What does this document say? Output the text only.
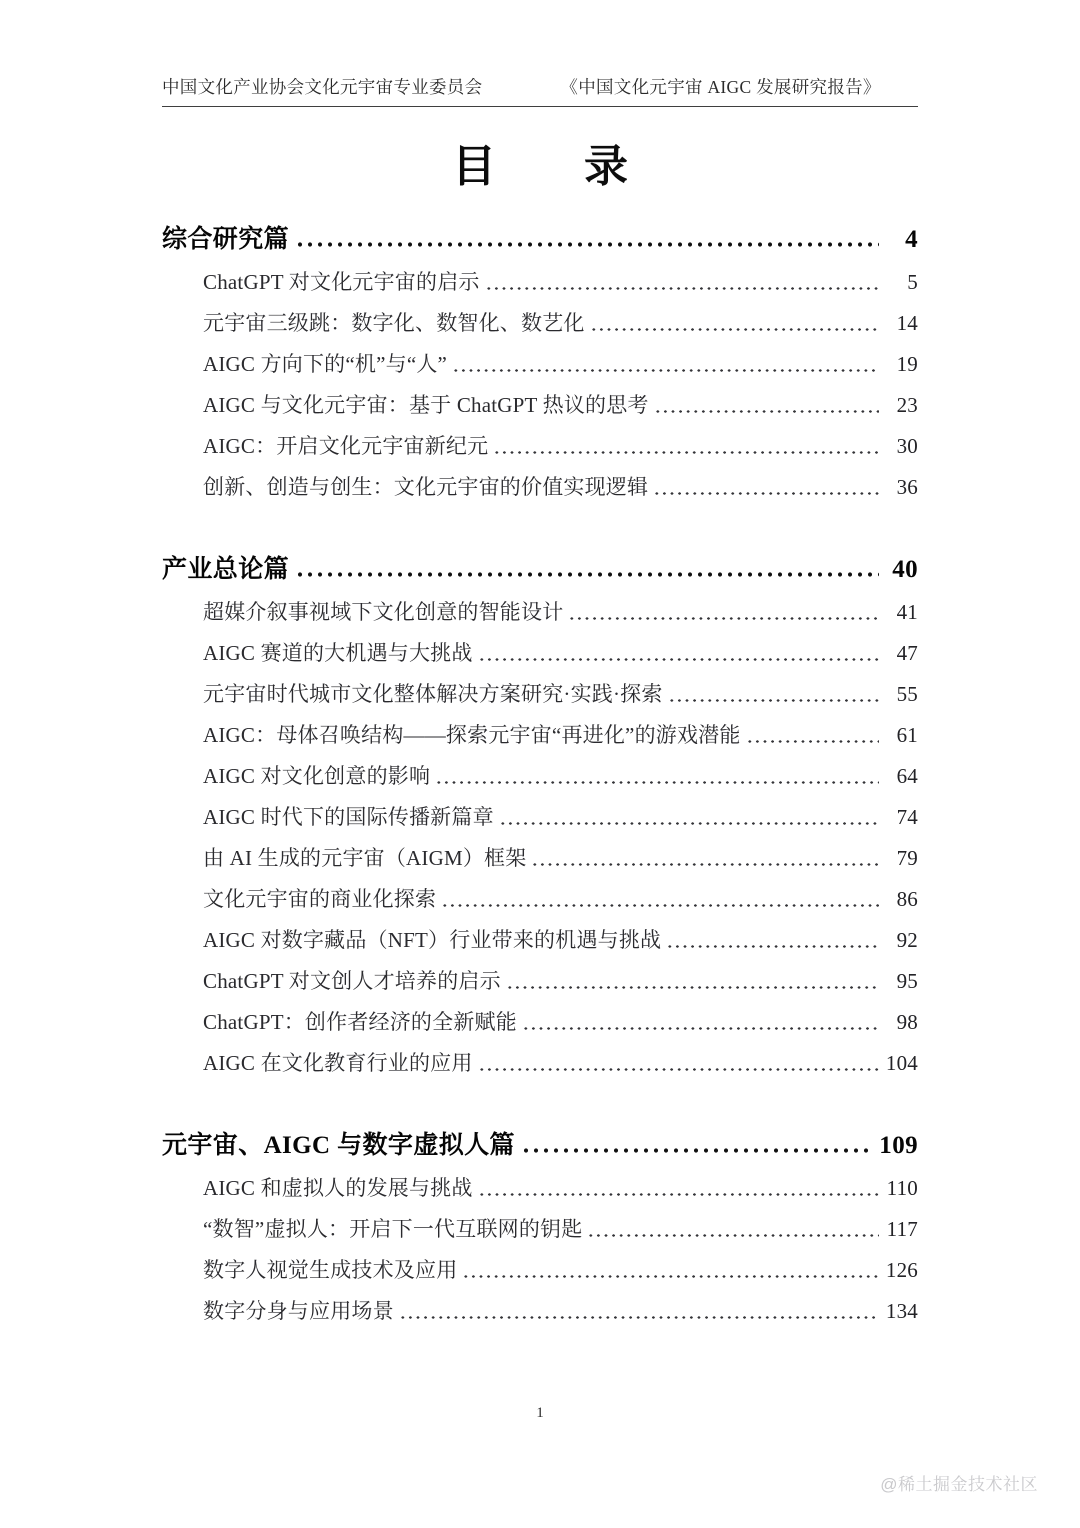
中国文化产业协会文化元宇宙专业委员会	《中国文化元宇宙 AIGC 发展研究报告》
目　录
综合研究篇	4
ChatGPT 对文化元宇宙的启示	5
元宇宙三级跳：数字化、数智化、数艺化	14
AIGC 方向下的“机”与“人”	19
AIGC 与文化元宇宙：基于 ChatGPT 热议的思考	23
AIGC：开启文化元宇宙新纪元	30
创新、创造与创生：文化元宇宙的价值实现逻辑	36
产业总论篇	40
超媒介叙事视域下文化创意的智能设计	41
AIGC 赛道的大机遇与大挑战	47
元宇宙时代城市文化整体解决方案研究·实践·探索	55
AIGC：母体召唤结构——探索元宇宙“再进化”的游戏潜能	61
AIGC 对文化创意的影响	64
AIGC 时代下的国际传播新篇章	74
由 AI 生成的元宇宙（AIGM）框架	79
文化元宇宙的商业化探索	86
AIGC 对数字藏品（NFT）行业带来的机遇与挑战	92
ChatGPT 对文创人才培养的启示	95
ChatGPT：创作者经济的全新赋能	98
AIGC 在文化教育行业的应用	104
元宇宙、AIGC 与数字虚拟人篇	109
AIGC 和虚拟人的发展与挑战	110
“数智”虚拟人：开启下一代互联网的钥匙	117
数字人视觉生成技术及应用	126
数字分身与应用场景	134
1
@稀土掘金技术社区
